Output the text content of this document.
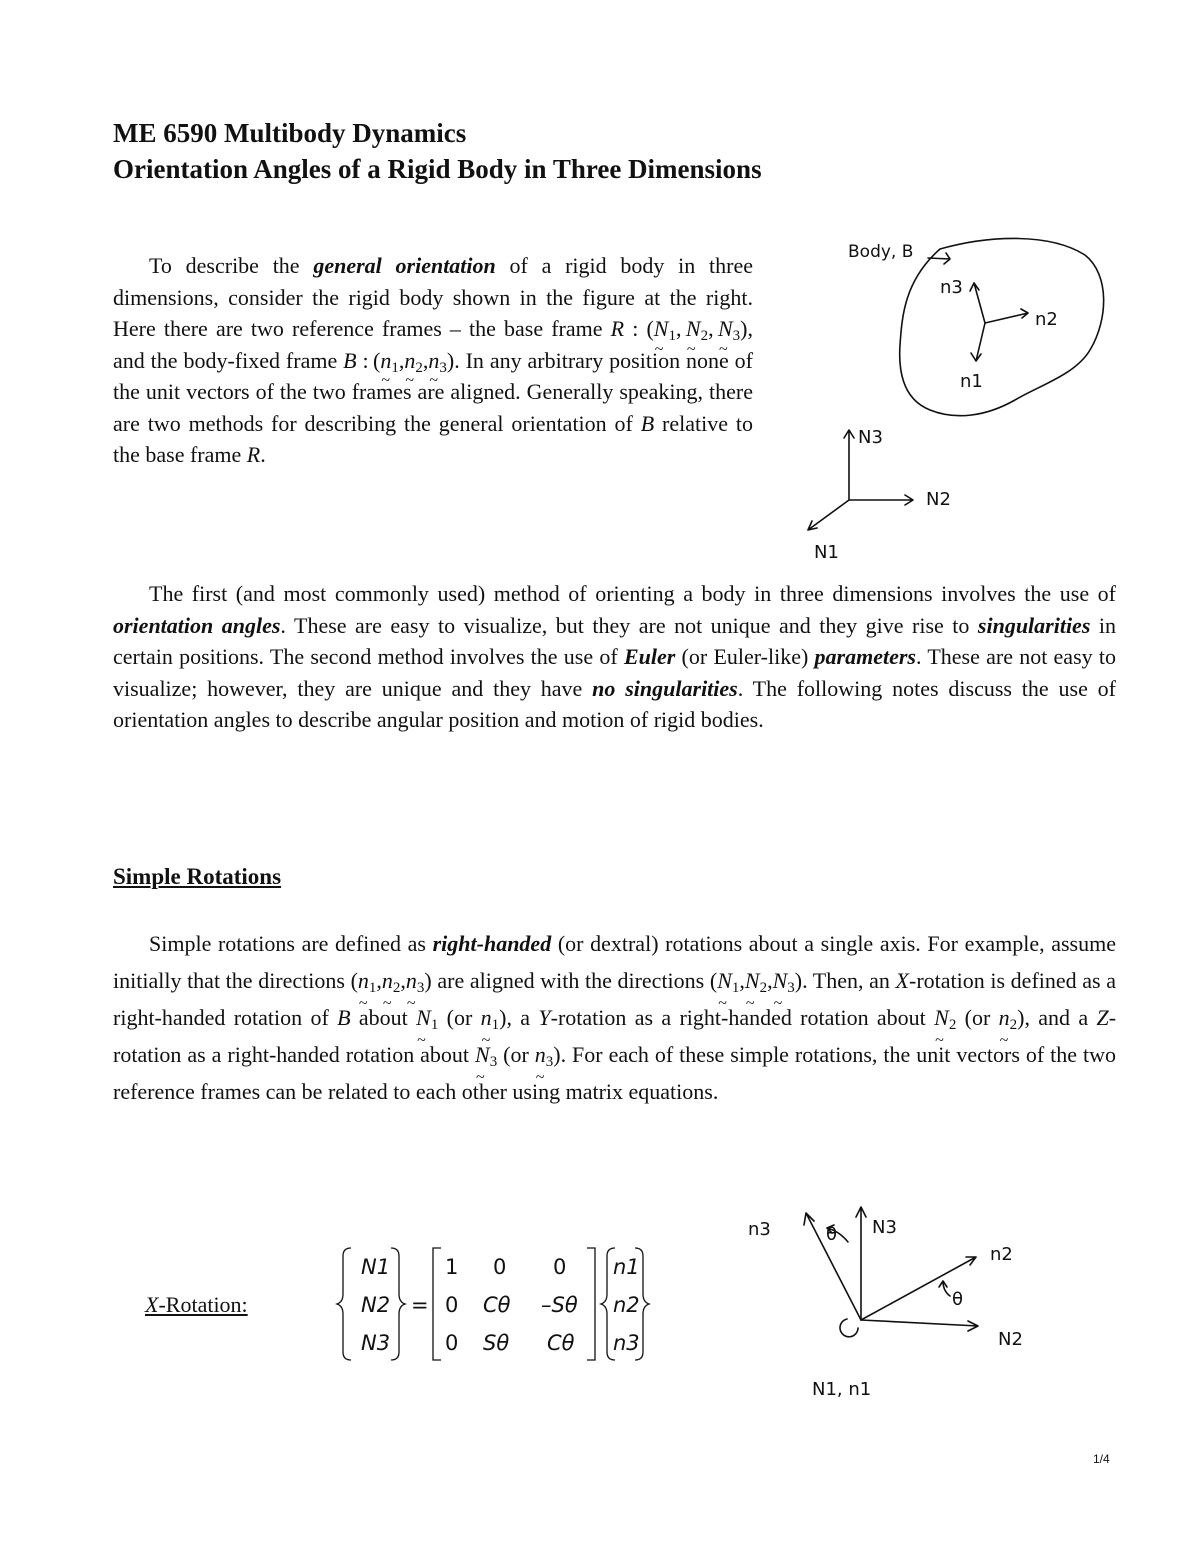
ME 6590 Multibody Dynamics
Orientation Angles of a Rigid Body in Three Dimensions
To describe the general orientation of a rigid body in three dimensions, consider the rigid body shown in the figure at the right. Here there are two reference frames – the base frame R : (N $\sim_1$, N $\sim_2$, N $\sim_3$), and the body-fixed frame B : (n $\sim_1,n$ $\sim_2,n$ $\sim_3$). In any arbitrary position none of the unit vectors of the two frames are aligned. Generally speaking, there are two methods for describing the general orientation of B relative to the base frame R.
Body, B
n3
n2
n1
N3
N2
N1
The first (and most commonly used) method of orienting a body in three dimensions involves the use of orientation angles. These are easy to visualize, but they are not unique and they give rise to singularities in certain positions. The second method involves the use of Euler (or Euler-like) parameters. These are not easy to visualize; however, they are unique and they have no singularities. The following notes discuss the use of orientation angles to describe angular position and motion of rigid bodies.
Simple Rotations
Simple rotations are defined as right-handed (or dextral) rotations about a single axis. For example, assume initially that the directions (n $\sim_1,n$ $\sim_2,n$ $\sim_3$) are aligned with the directions (N $\sim_1,N$ $\sim_2,N$ $\sim_3$). Then, an X-rotation is defined as a right-handed rotation of B about N $\sim_1$ (or n $\sim_1$), a Y-rotation as a right-handed rotation about N $\sim_2$ (or n $\sim_2$), and a Z-rotation as a right-handed rotation about N $\sim_3$ (or n $\sim_3$). For each of these simple rotations, the unit vectors of the two reference frames can be related to each other using matrix equations.
X-Rotation:
N1
N2
N3
=
1 0 0
0 Cθ –Sθ
0 Sθ Cθ
n1
n2
n3
n3	N3
θ
n2
θ
N2
N1, n1
1/4
